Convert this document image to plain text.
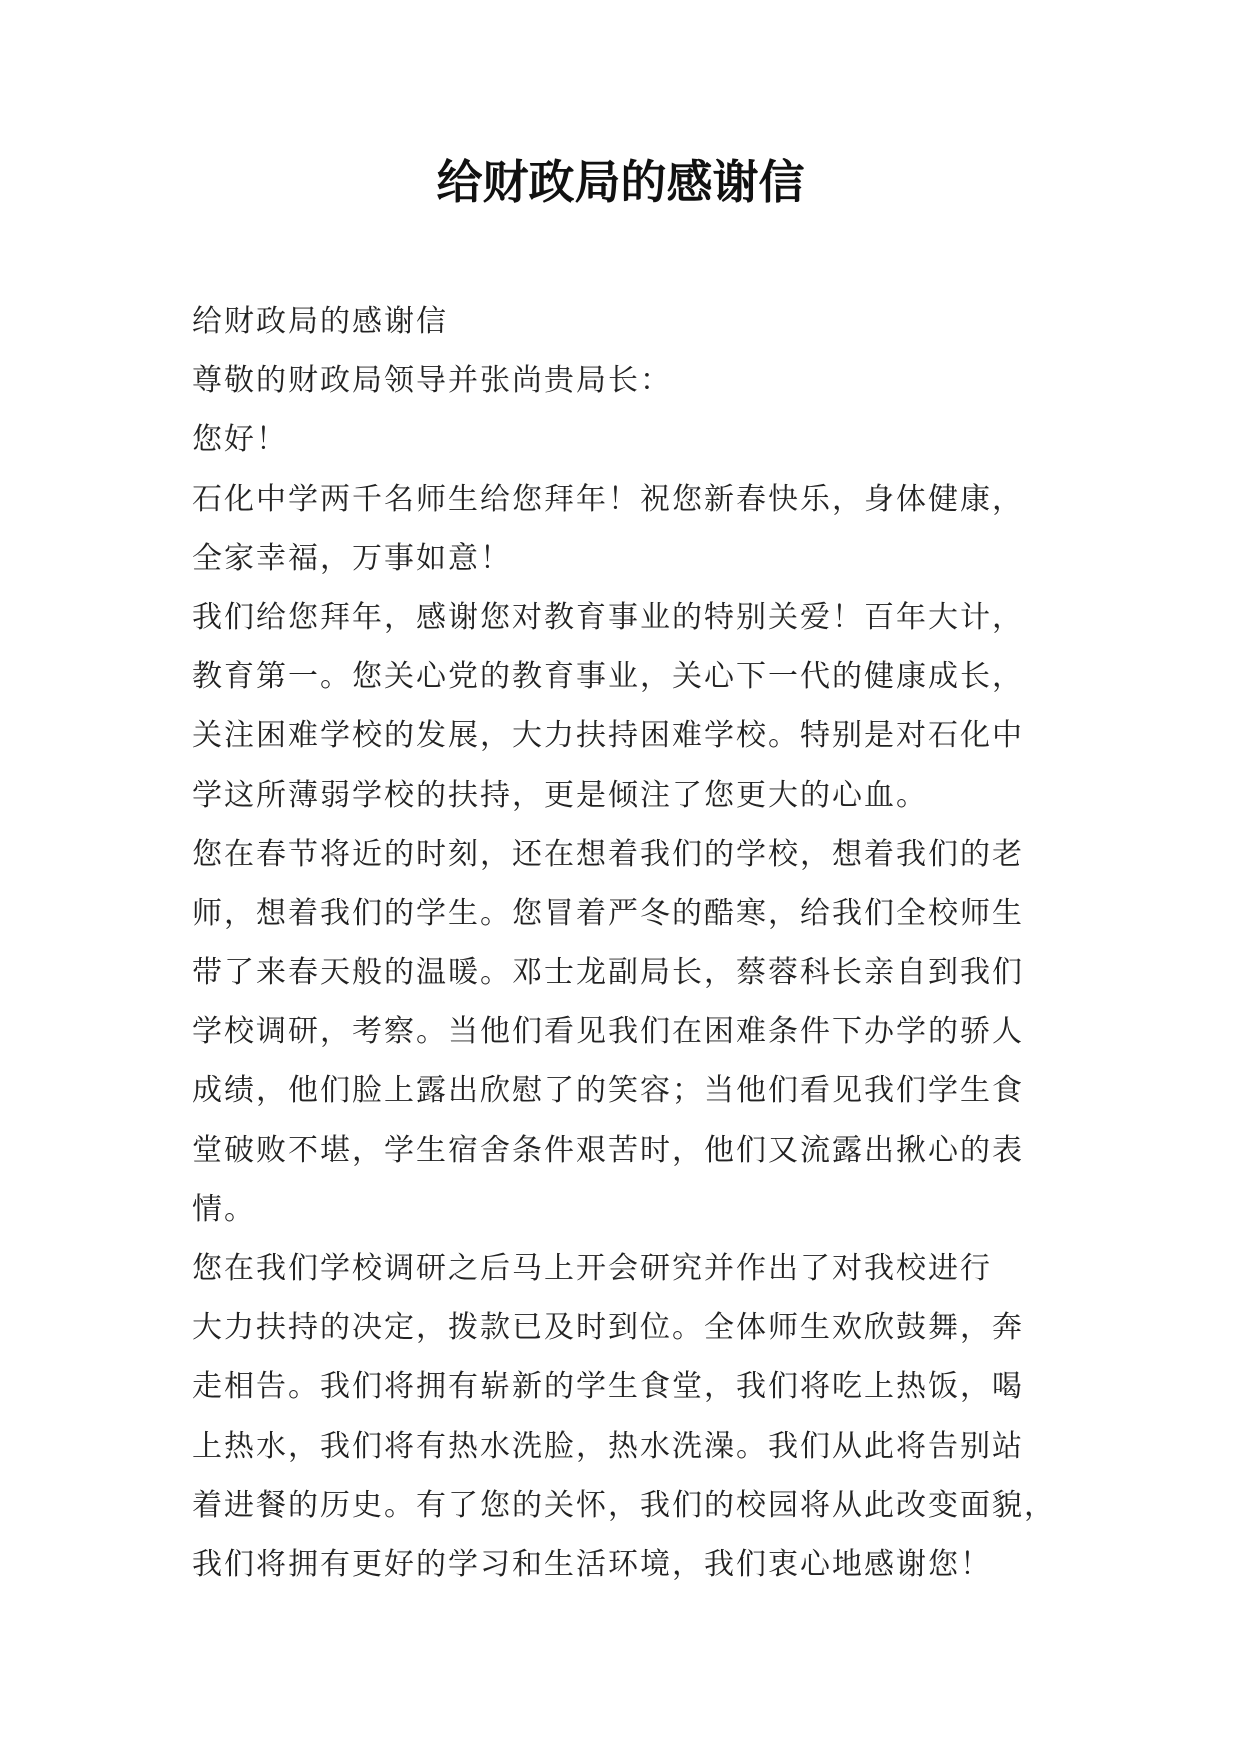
给财政局的感谢信
给财政局的感谢信
尊敬的财政局领导并张尚贵局长：
您好！
石化中学两千名师生给您拜年！祝您新春快乐，身体健康，
全家幸福，万事如意！
我们给您拜年，感谢您对教育事业的特别关爱！百年大计，
教育第一。您关心党的教育事业，关心下一代的健康成长，
关注困难学校的发展，大力扶持困难学校。特别是对石化中
学这所薄弱学校的扶持，更是倾注了您更大的心血。
您在春节将近的时刻，还在想着我们的学校，想着我们的老
师，想着我们的学生。您冒着严冬的酷寒，给我们全校师生
带了来春天般的温暖。邓士龙副局长，蔡蓉科长亲自到我们
学校调研，考察。当他们看见我们在困难条件下办学的骄人
成绩，他们脸上露出欣慰了的笑容；当他们看见我们学生食
堂破败不堪，学生宿舍条件艰苦时，他们又流露出揪心的表
情。
您在我们学校调研之后马上开会研究并作出了对我校进行
大力扶持的决定，拨款已及时到位。全体师生欢欣鼓舞，奔
走相告。我们将拥有崭新的学生食堂，我们将吃上热饭，喝
上热水，我们将有热水洗脸，热水洗澡。我们从此将告别站
着进餐的历史。有了您的关怀，我们的校园将从此改变面貌，
我们将拥有更好的学习和生活环境，我们衷心地感谢您！
